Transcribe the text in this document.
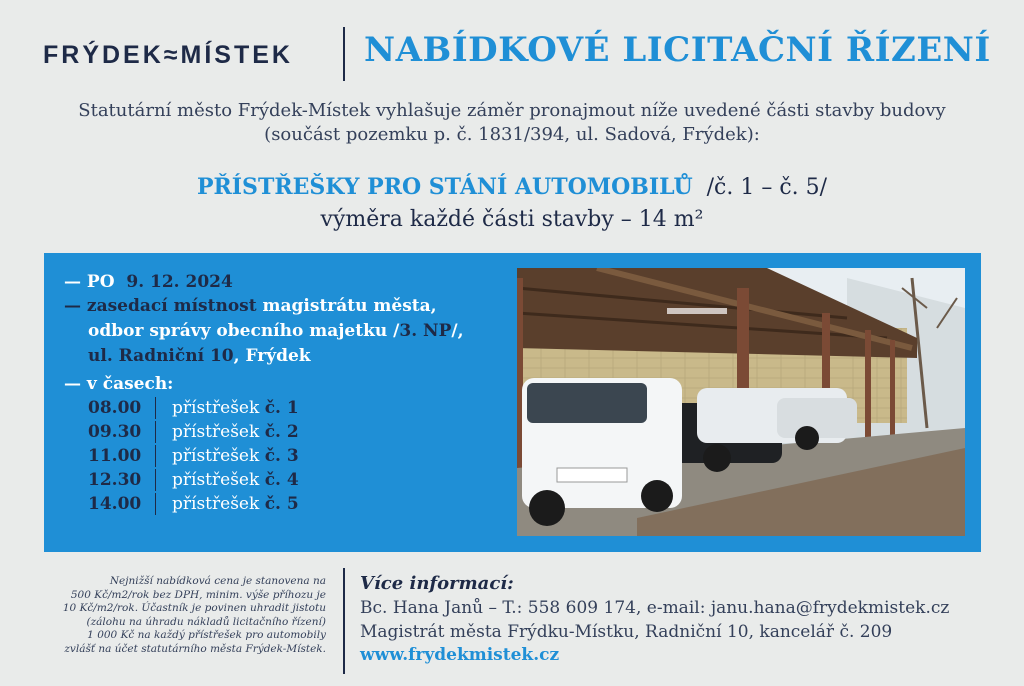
FRÝDEK≈MÍSTEK NABÍDKOVÉ LICITAČNÍ ŘÍZENÍ
Statutární město Frýdek-Místek vyhlašuje záměr pronajmout níže uvedené části stavby budovy
(součást pozemku p. č. 1831/394, ul. Sadová, Frýdek):
PŘÍSTŘEŠKY PRO STÁNÍ AUTOMOBILŮ /č. 1 – č. 5/
výměra každé části stavby – 14 m²
— PO 9. 12. 2024
— zasedací místnost magistrátu města,
odbor správy obecního majetku /3. NP/,
ul. Radniční 10, Frýdek
— v časech:
08.00 přístřešek č. 1
09.30 přístřešek č. 2
11.00 přístřešek č. 3
12.30 přístřešek č. 4
14.00 přístřešek č. 5
Nejnižší nabídková cena je stanovena na
500 Kč/m2/rok bez DPH, minim. výše příhozu je
10 Kč/m2/rok. Účastník je povinen uhradit jistotu
(zálohu na úhradu nákladů licitačního řízení)
1 000 Kč na každý přístřešek pro automobily
zvlášť na účet statutárního města Frýdek-Místek.
Více informací:
Bc. Hana Janů – T.: 558 609 174, e-mail: janu.hana@frydekmistek.cz
Magistrát města Frýdku-Místku, Radniční 10, kancelář č. 209
www.frydekmistek.cz
